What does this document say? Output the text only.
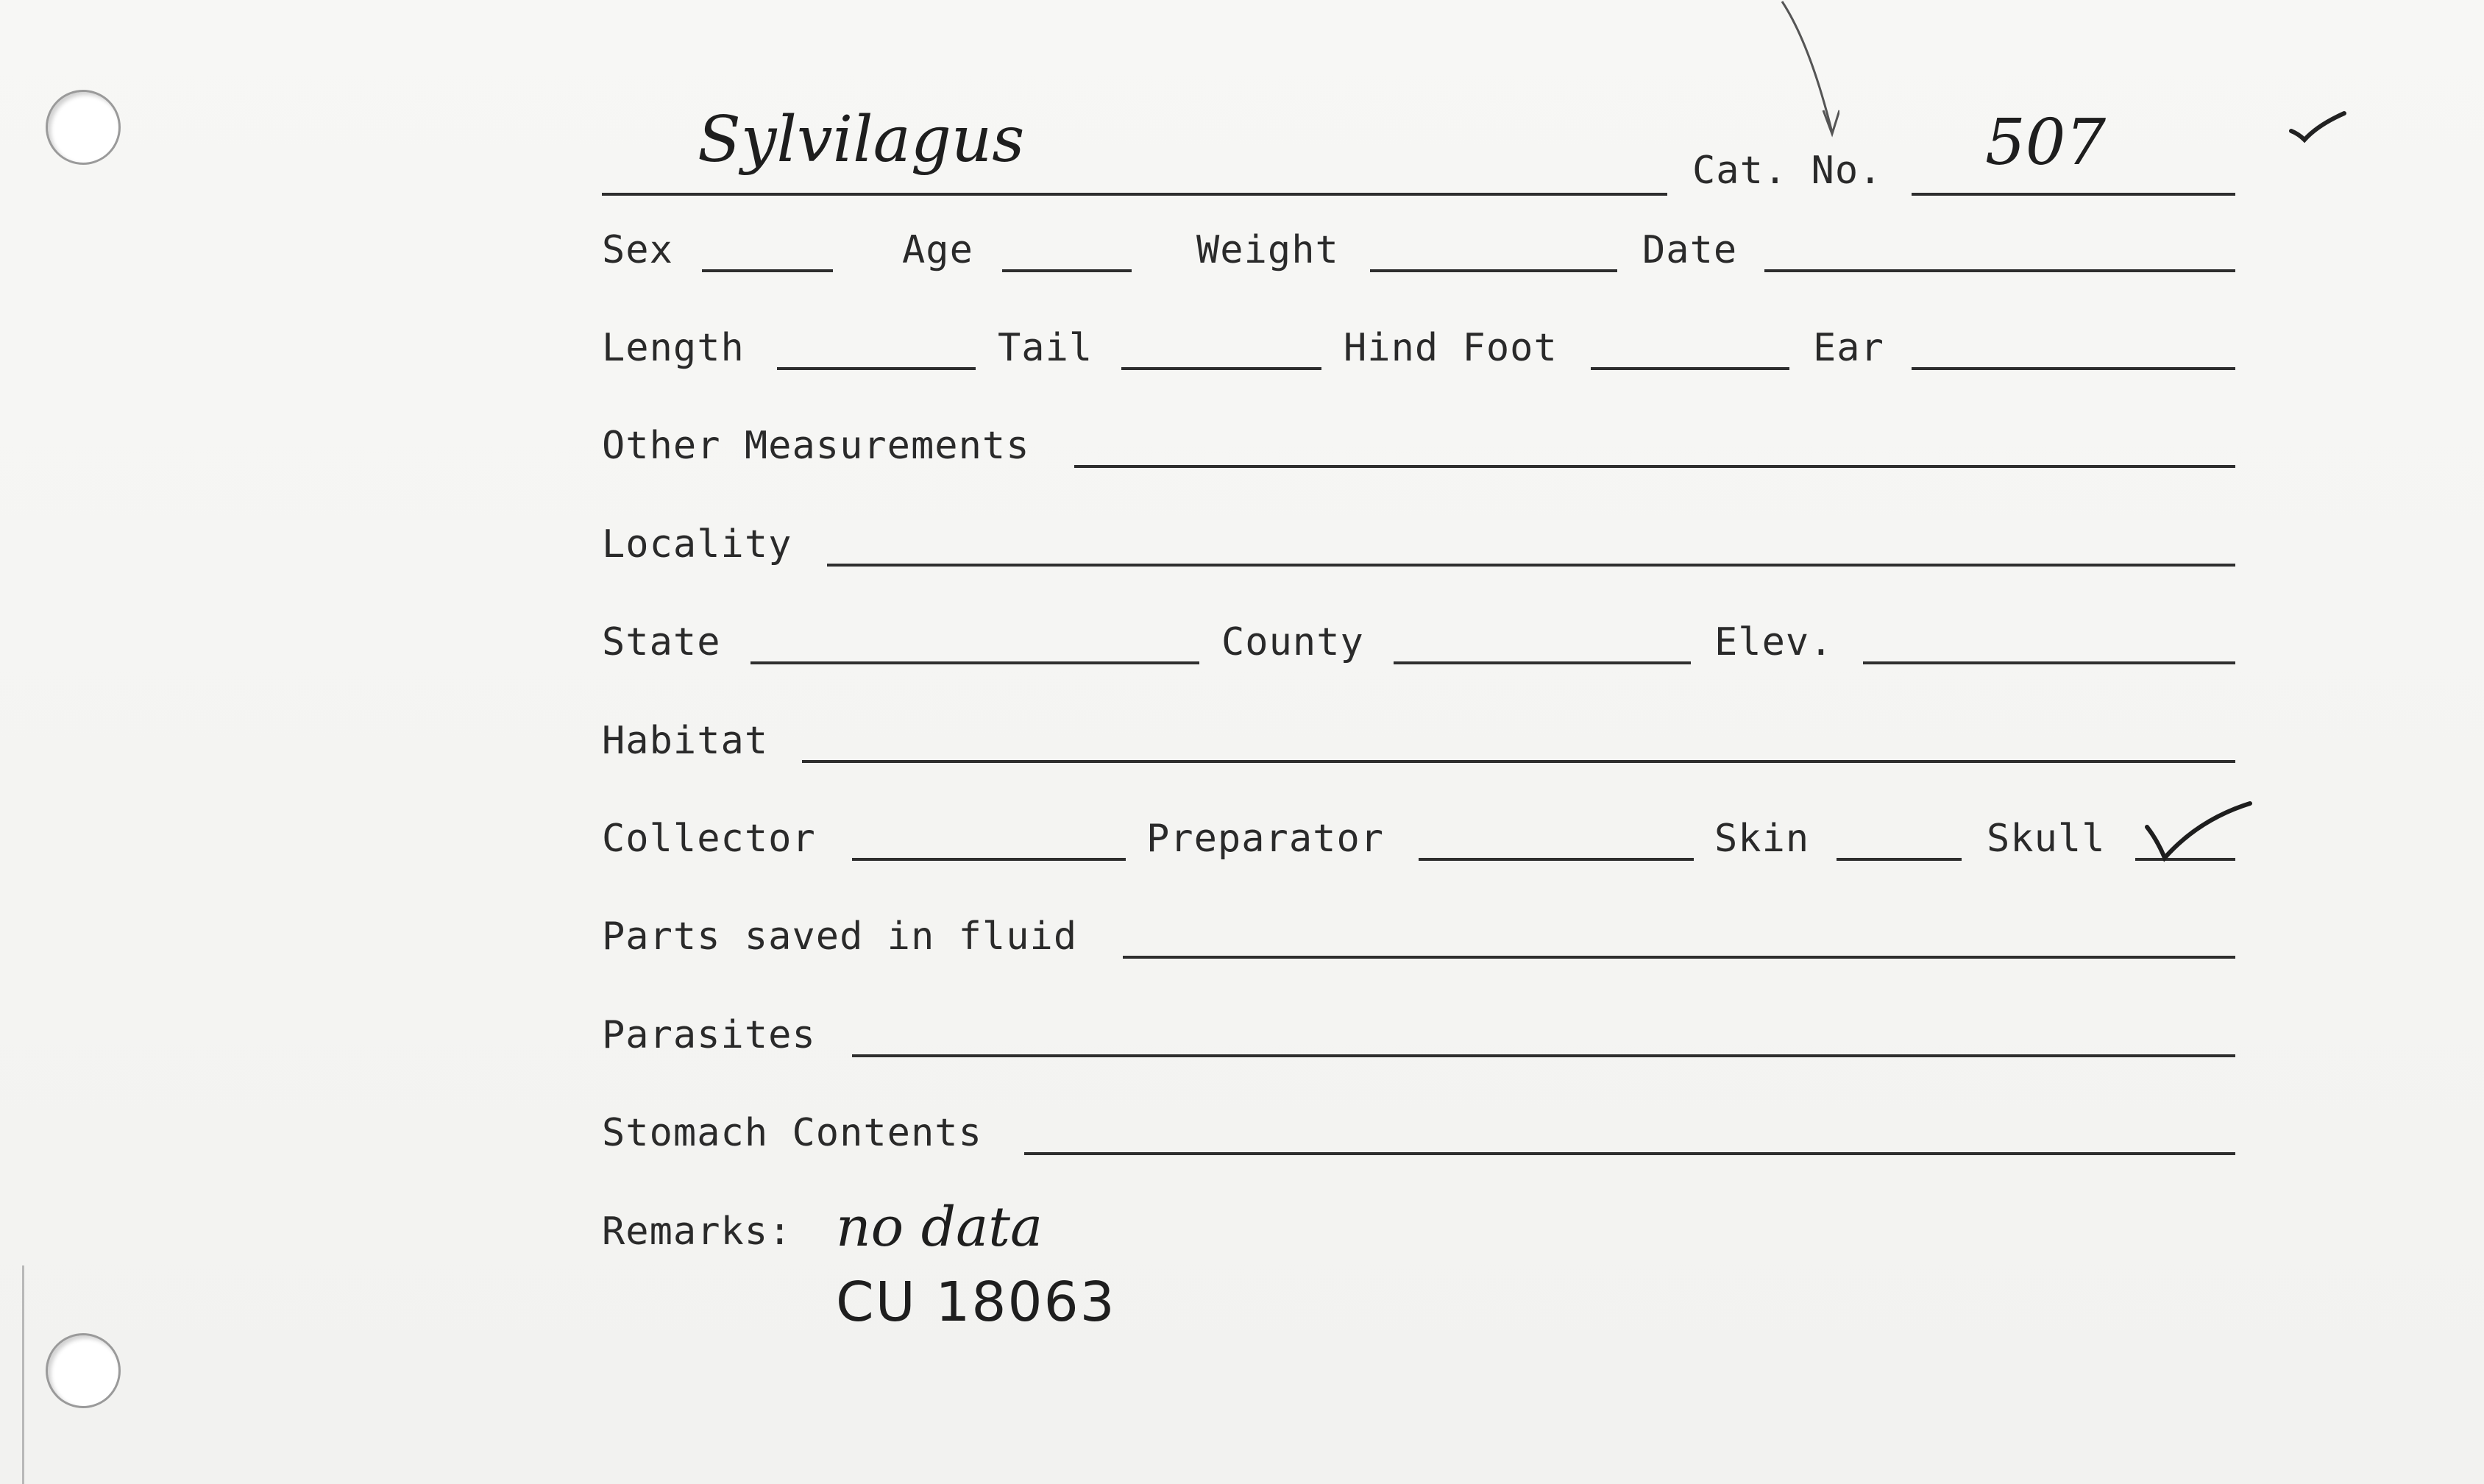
Sylvilagus	Cat. No. 507
Sex	Age	Weight	Date
Length	Tail	Hind Foot	Ear
Other Measurements
Locality
State	County	Elev.
Habitat
Collector	Preparator	Skin	Skull
Parts saved in fluid
Parasites
Stomach Contents
Remarks: no data
CU 18063
